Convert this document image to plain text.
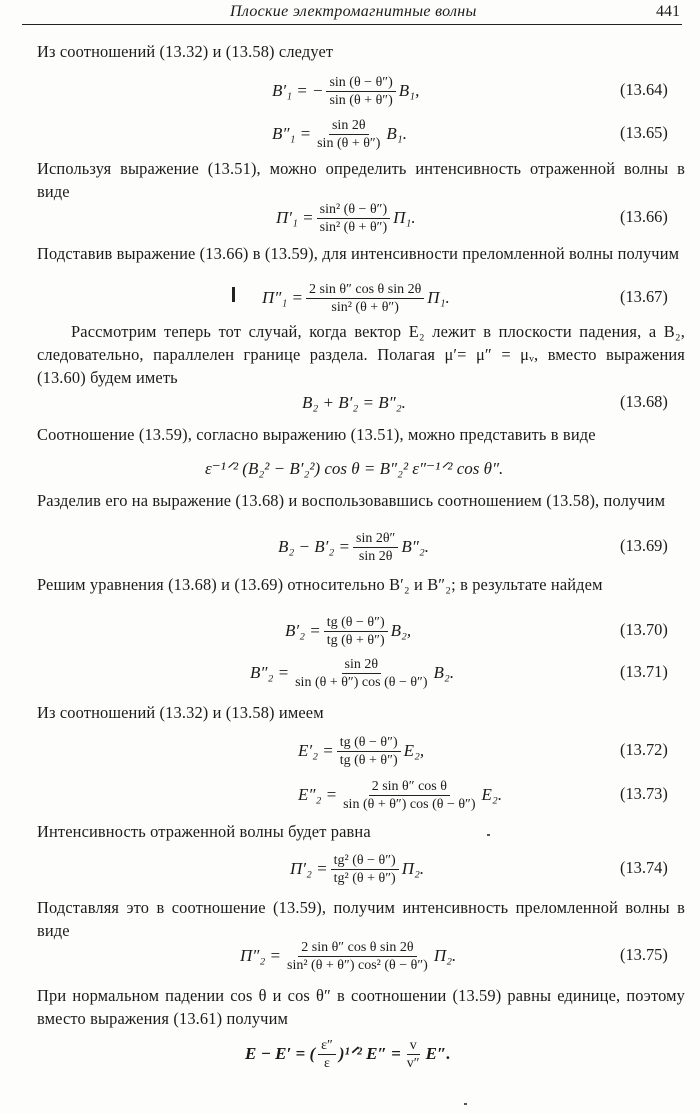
Плоские электромагнитные волны	441

Из соотношений (13.32) и (13.58) следует

B′₁ = − $\frac{\sin (\theta - \theta'')}{\sin (\theta + \theta'')} B_1$,	(13.64)
$B''_1 = \frac{\sin 2\theta}{\sin (\theta + \theta'')} B_1$.	(13.65)

Используя выражение (13.51), можно определить интенсивность отраженной волны в виде

$\Pi'_1 = \frac{\text{sin² (θ − θ″)}}{\text{sin² (θ + θ″)}} \Pi_1$.	(13.66)

Подставив выражение (13.66) в (13.59), для интенсивности преломленной волны получим

$\Pi''_1 = \frac{\text{2 sin θ″ cos θ sin 2θ}}{\text{sin² (θ + θ″)}} \Pi_1$.	(13.67)

Рассмотрим теперь тот случай, когда вектор E₂ лежит в плоскости падения, а B₂, следовательно, параллелен границе раздела. Полагая μ′= μ″ = μᵥ, вместо выражения (13.60) будем иметь

B₂ + B′₂ = B″₂.	(13.68)

Соотношение (13.59), согласно выражению (13.51), можно представить в виде

ε⁻¹ᐟ² (B₂² − B′₂²) cos θ = B″₂² ε″⁻¹ᐟ² cos θ″.

Разделив его на выражение (13.68) и воспользовавшись соотношением (13.58), получим

$B_2 - B'_2 = \frac{\sin 2\theta''}{\sin 2\theta} B''_2$.	(13.69)

Решим уравнения (13.68) и (13.69) относительно B′₂ и B″₂; в результате найдем

$B'_2 = \frac{tg (\theta - \theta'')}{tg (\theta + \theta'')} B_2$,	(13.70)
$B''_2 = \frac{\sin 2\theta}{\sin (\theta + \theta'') \cos (\theta - \theta'')} B_2$.	(13.71)

Из соотношений (13.32) и (13.58) имеем

$E'_2 = \frac{tg (\theta - \theta'')}{tg (\theta + \theta'')} E_2$,	(13.72)
$E''_2 = \frac{\text{2 sin θ″ cos θ}}{\sin (\theta + \theta'') \cos (\theta - \theta'')} E_2$.	(13.73)

Интенсивность отраженной волны будет равна

$\Pi'_2 = \frac{\text{tg² (θ − θ″)}}{\text{tg² (θ + θ″)}} \Pi_2$.	(13.74)

Подставляя это в соотношение (13.59), получим интенсивность преломленной волны в виде

$\Pi''_2 = \frac{\text{2 sin θ″ cos θ sin 2θ}}{\text{sin² (θ + θ″) cos² (θ − θ″)}} \Pi_2$.	(13.75)

При нормальном падении cos θ и cos θ″ в соотношении (13.59) равны единице, поэтому вместо выражения (13.61) получим

E − E′ = ( $\frac{\varepsilon''}{\varepsilon}$ )¹ᐟ² $E'' = \frac{v}{v''} E''$.
